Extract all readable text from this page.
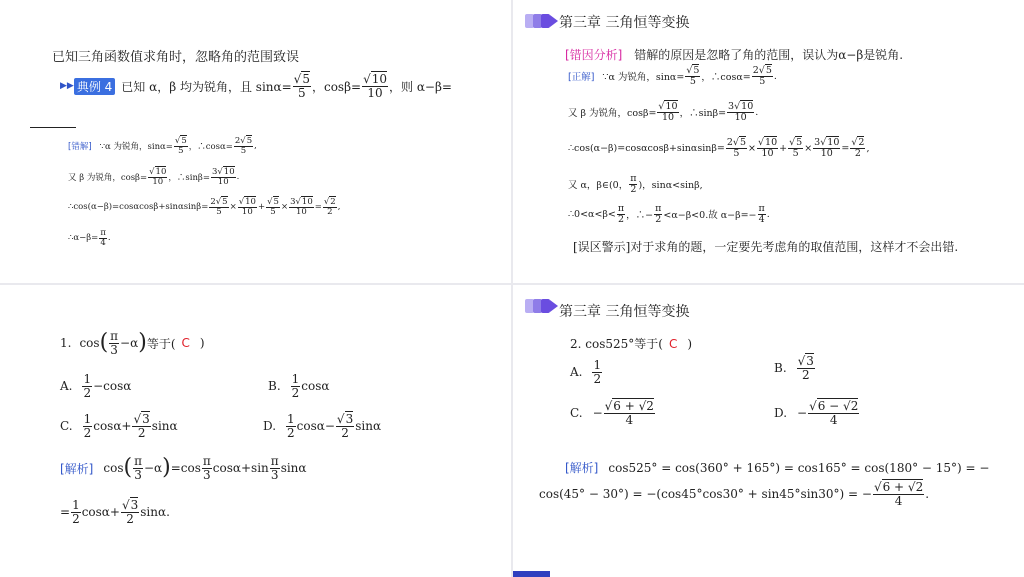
已知三角函数值求角时，忽略角的范围致误
▶▶ 典例 4 已知 α，β 均为锐角，且 sinα= √ $\frac{5}{5}$ ，cosβ= √ $\frac{10}{10}$ ，则 α−β=
[错解] ∵α 为锐角，sinα= √ $\frac{5}{5}$ ，∴cosα= $\frac{2 √ 5}{5}$ ,
又 β 为锐角，cosβ= √ $\frac{10}{10}$ ，∴sinβ= $\frac{3 √ 10}{10}$ .
∴cos(α−β)=cosαcosβ+sinαsinβ= $\frac{2 √ 5}{5}$ × √ $\frac{10}{10}$ + √ $\frac{5}{5} \times \frac{3 √ 10}{10}$ = √ $\frac{2}{2}$ ,
∴α−β= $\frac{\pi}{4}$ .
第三章 三角恒等变换
[错因分析] 错解的原因是忽略了角的范围，误认为α−β是锐角.
[正解] ∵α 为锐角，sinα= √ $\frac{5}{5}$ ，∴cosα= $\frac{2 √ 5}{5}$ .
又 β 为锐角，cosβ= √ $\frac{10}{10}$ ，∴sinβ= $\frac{3 √ 10}{10}$ .
∴cos(α−β)=cosαcosβ+sinαsinβ= $\frac{2 √ 5}{5}$ × √ $\frac{10}{10}$ + √ $\frac{5}{5} \times \frac{3 √ 10}{10}$ = √ $\frac{2}{2}$ ,
又 α，β∈(0，
π
2 )，sinα<sinβ,
∴0<α<β<
π
2 ，∴− $\frac{\pi}{2} <\alpha-\beta<0$.故 $\alpha-\beta=- \frac{\pi}{4}$ .
[误区警示]对于求角的题，一定要先考虑角的取值范围，这样才不会出错.
1. cos ( π
3 −α ) 等于( C )
A.
1
2 −cosα	B.
1
2 cosα
C.
1
2 cosα+ √ $\frac{3}{2}$ sinα	D.
1
2 cosα− √ $\frac{3}{2}$ sinα
[解析] cos ( π
3 −α ) =cos
π
3 cosα+sin
π
3 sinα
= $\frac{1}{2} \cos\alpha+$ √ $\frac{3}{2} \sin\alpha$.
第三章 三角恒等变换
2. cos525°等于( C )
A.
1
2
B.
√ 3
2
C. − √ $\frac{6 + √2}{4}$	D. − √ $\frac{6 - √2}{4}$
[解析] cos525° = cos(360° + 165°) = cos165° = cos(180° − 15°) = −
cos(45° − 30°) = −(cos45°cos30° + sin45°sin30°) = − √ $\frac{6 + √2}{4}$ .
